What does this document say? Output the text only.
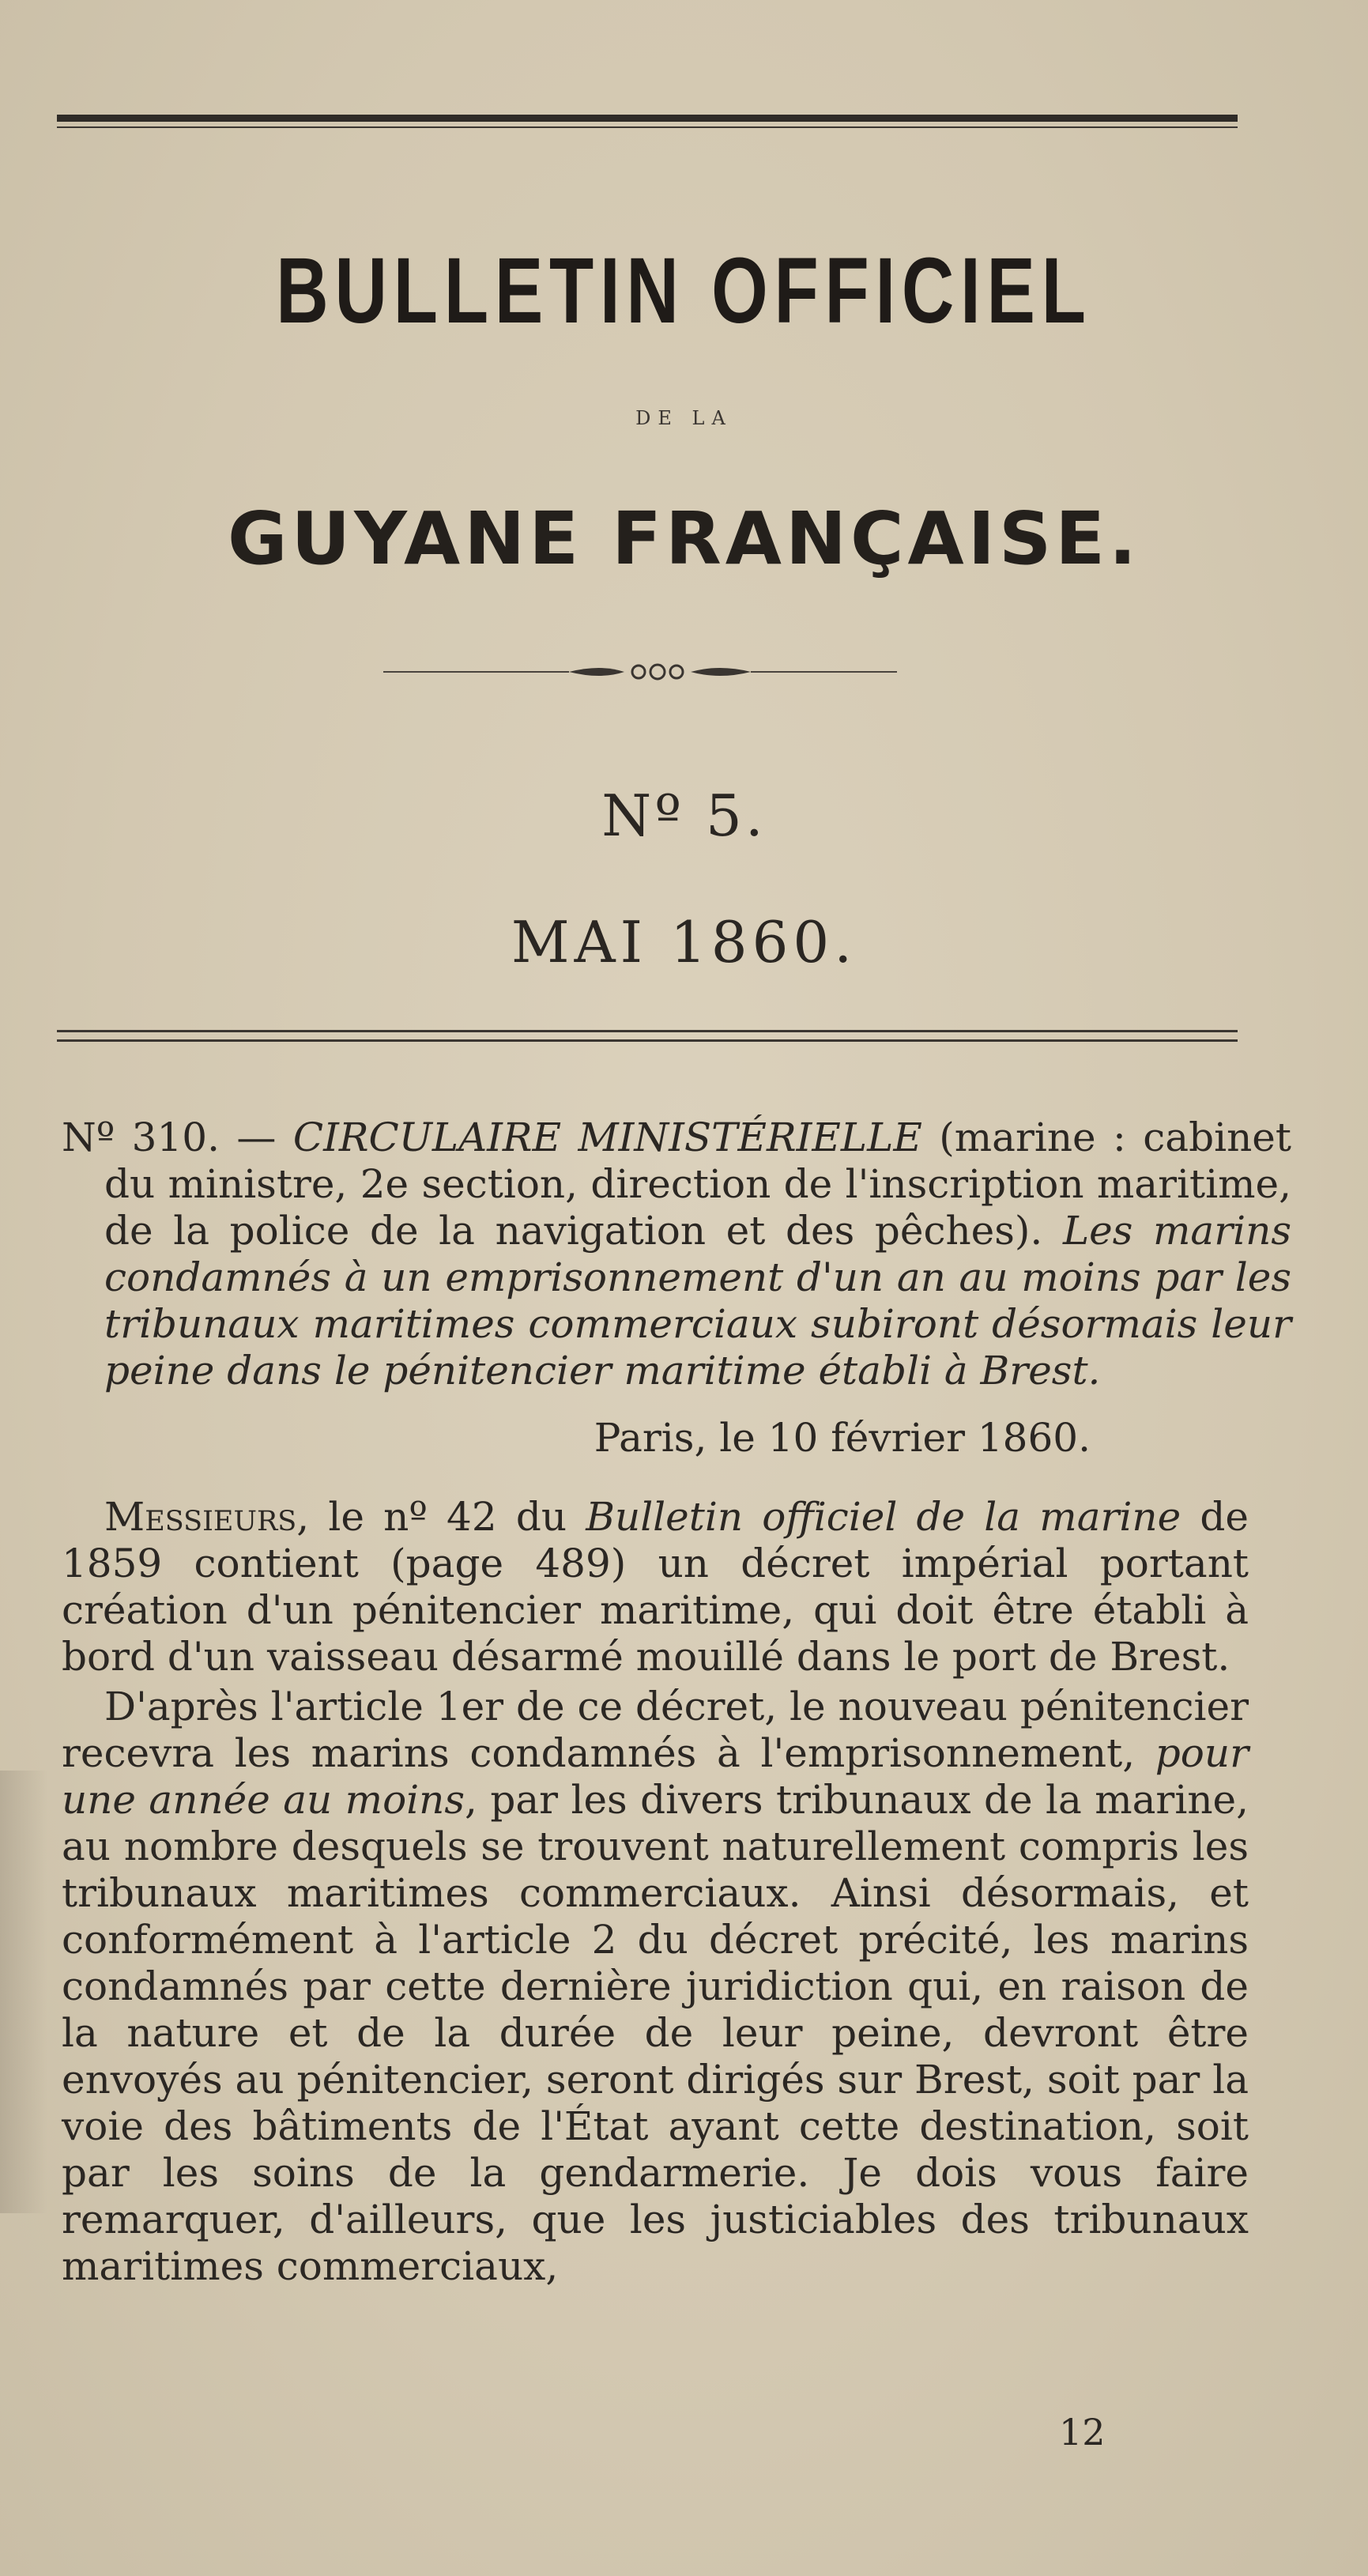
BULLETIN OFFICIEL
DE LA
GUYANE FRANÇAISE.
Nº 5.
MAI 1860.
Nº 310. — CIRCULAIRE MINISTÉRIELLE (marine : cabinet du ministre, 2e section, direction de l'inscription maritime, de la police de la navigation et des pêches). Les marins condamnés à un emprisonnement d'un an au moins par les tribunaux maritimes commerciaux subiront désormais leur peine dans le pénitencier maritime établi à Brest.
Paris, le 10 février 1860.
Messieurs, le nº 42 du Bulletin officiel de la marine de 1859 contient (page 489) un décret impérial portant création d'un pénitencier maritime, qui doit être établi à bord d'un vaisseau désarmé mouillé dans le port de Brest.
D'après l'article 1er de ce décret, le nouveau pénitencier recevra les marins condamnés à l'emprisonnement, pour une année au moins, par les divers tribunaux de la marine, au nombre desquels se trouvent naturellement compris les tribunaux maritimes commerciaux. Ainsi désormais, et conformément à l'article 2 du décret précité, les marins condamnés par cette dernière juridiction qui, en raison de la nature et de la durée de leur peine, devront être envoyés au pénitencier, seront dirigés sur Brest, soit par la voie des bâtiments de l'État ayant cette destination, soit par les soins de la gendarmerie. Je dois vous faire remarquer, d'ailleurs, que les justiciables des tribunaux maritimes commerciaux,
12
